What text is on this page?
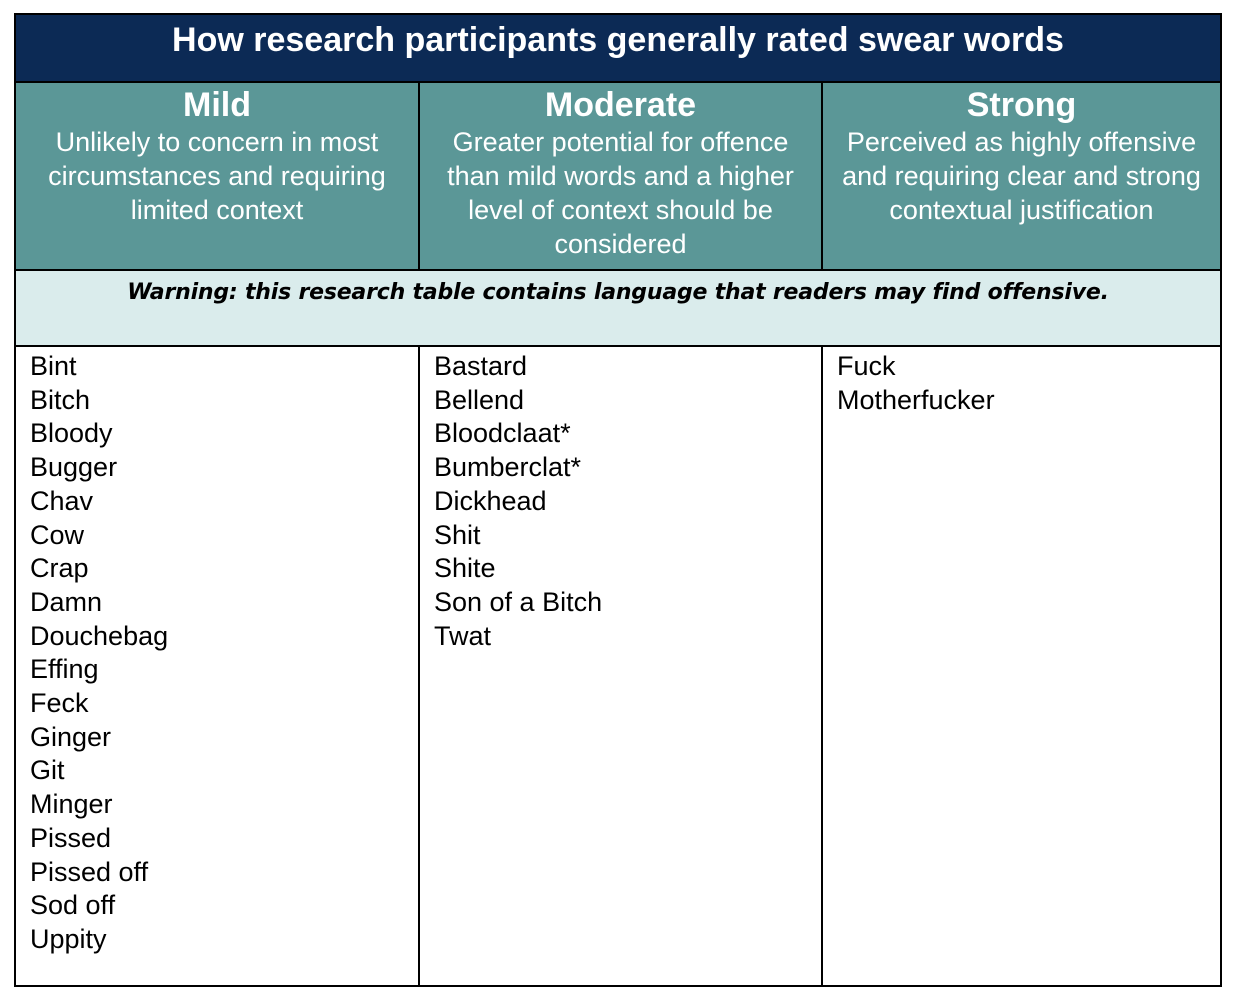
How research participants generally rated swear words
Mild
Unlikely to concern in most circumstances and requiring limited context
Moderate
Greater potential for offence than mild words and a higher level of context should be considered
Strong
Perceived as highly offensive and requiring clear and strong contextual justification
Warning: this research table contains language that readers may find offensive.
Bint
Bitch
Bloody
Bugger
Chav
Cow
Crap
Damn
Douchebag
Effing
Feck
Ginger
Git
Minger
Pissed
Pissed off
Sod off
Uppity
Bastard
Bellend
Bloodclaat*
Bumberclat*
Dickhead
Shit
Shite
Son of a Bitch
Twat
Fuck
Motherfucker
